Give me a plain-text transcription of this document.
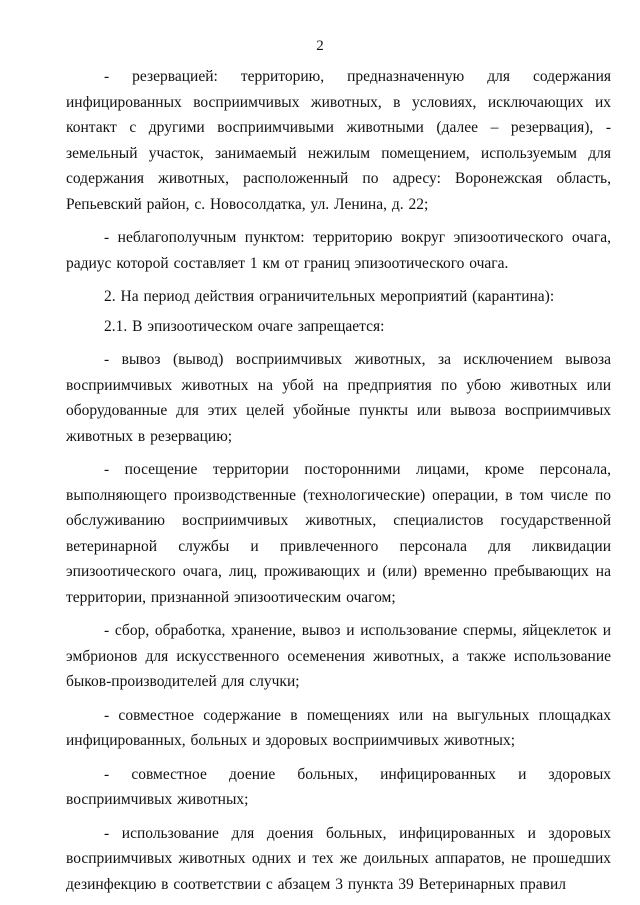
2

- резервацией: территорию, предназначенную для содержания инфицированных восприимчивых животных, в условиях, исключающих их контакт с другими восприимчивыми животными (далее – резервация), - земельный участок, занимаемый нежилым помещением, используемым для содержания животных, расположенный по адресу: Воронежская область, Репьевский район, с. Новосолдатка, ул. Ленина, д. 22;

- неблагополучным пунктом: территорию вокруг эпизоотического очага, радиус которой составляет 1 км от границ эпизоотического очага.

2. На период действия ограничительных мероприятий (карантина):

2.1. В эпизоотическом очаге запрещается:

- вывоз (вывод) восприимчивых животных, за исключением вывоза восприимчивых животных на убой на предприятия по убою животных или оборудованные для этих целей убойные пункты или вывоза восприимчивых животных в резервацию;

- посещение территории посторонними лицами, кроме персонала, выполняющего производственные (технологические) операции, в том числе по обслуживанию восприимчивых животных, специалистов государственной ветеринарной службы и привлеченного персонала для ликвидации эпизоотического очага, лиц, проживающих и (или) временно пребывающих на территории, признанной эпизоотическим очагом;

- сбор, обработка, хранение, вывоз и использование спермы, яйцеклеток и эмбрионов для искусственного осеменения животных, а также использование быков-производителей для случки;

- совместное содержание в помещениях или на выгульных площадках инфицированных, больных и здоровых восприимчивых животных;

- совместное доение больных, инфицированных и здоровых восприимчивых животных;

- использование для доения больных, инфицированных и здоровых восприимчивых животных одних и тех же доильных аппаратов, не прошедших дезинфекцию в соответствии с абзацем 3 пункта 39 Ветеринарных правил
